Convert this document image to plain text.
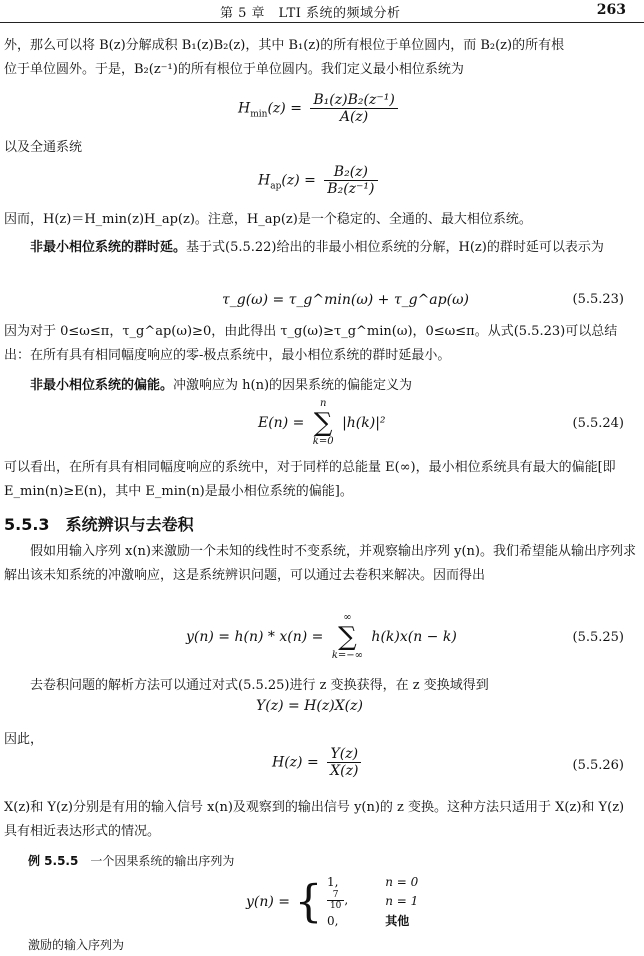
第 5 章　LTI 系统的频域分析	263
外，那么可以将 B(z)分解成积 B₁(z)B₂(z)，其中 B₁(z)的所有根位于单位圆内，而 B₂(z)的所有根
位于单位圆外。于是，B₂(z⁻¹)的所有根位于单位圆内。我们定义最小相位系统为
$H_{min}(z) = \frac{\text{B₁(z)B₂(z⁻¹)}}{A(z)}$
以及全通系统
$H_{ap}(z) = \frac{\text{B₂(z)}}{\text{B₂(z⁻¹)}}$
因而，H(z)＝H_min(z)H_ap(z)。注意，H_ap(z)是一个稳定的、全通的、最大相位系统。
非最小相位系统的群时延。基于式(5.5.22)给出的非最小相位系统的分解，H(z)的群时延可以表示为
τ_g(ω) = τ_g^min(ω) + τ_g^ap(ω)	(5.5.23)
因为对于 0≤ω≤π，τ_g^ap(ω)≥0，由此得出 τ_g(ω)≥τ_g^min(ω)，0≤ω≤π。从式(5.5.23)可以总结出：在所有具有相同幅度响应的零-极点系统中，最小相位系统的群时延最小。
非最小相位系统的偏能。冲激响应为 h(n)的因果系统的偏能定义为
E(n) =
n
∑
k=0
|h(k)|²	(5.5.24)
可以看出，在所有具有相同幅度响应的系统中，对于同样的总能量 E(∞)，最小相位系统具有最大的偏能[即 E_min(n)≥E(n)，其中 E_min(n)是最小相位系统的偏能]。
5.5.3　 系统辨识与去卷积
假如用输入序列 x(n)来激励一个未知的线性时不变系统，并观察输出序列 y(n)。我们希望能从输出序列求解出该未知系统的冲激响应，这是系统辨识问题，可以通过去卷积来解决。因而得出
y(n) = h(n) * x(n) =
∞
∑
k=−∞
h(k)x(n − k)	(5.5.25)
去卷积问题的解析方法可以通过对式(5.5.25)进行 z 变换获得，在 z 变换域得到
Y(z) = H(z)X(z)
因此，
$H(z) = \frac{Y(z)}{X(z)}$	(5.5.26)
X(z)和 Y(z)分别是有用的输入信号 x(n)及观察到的输出信号 y(n)的 z 变换。这种方法只适用于 X(z)和 Y(z)具有相近表达形式的情况。
例 5.5.5　 一个因果系统的输出序列为
y(n) = { 1,	n = 0

$\frac{7}{10}$ ,	n = 1
0,	其他
激励的输入序列为
